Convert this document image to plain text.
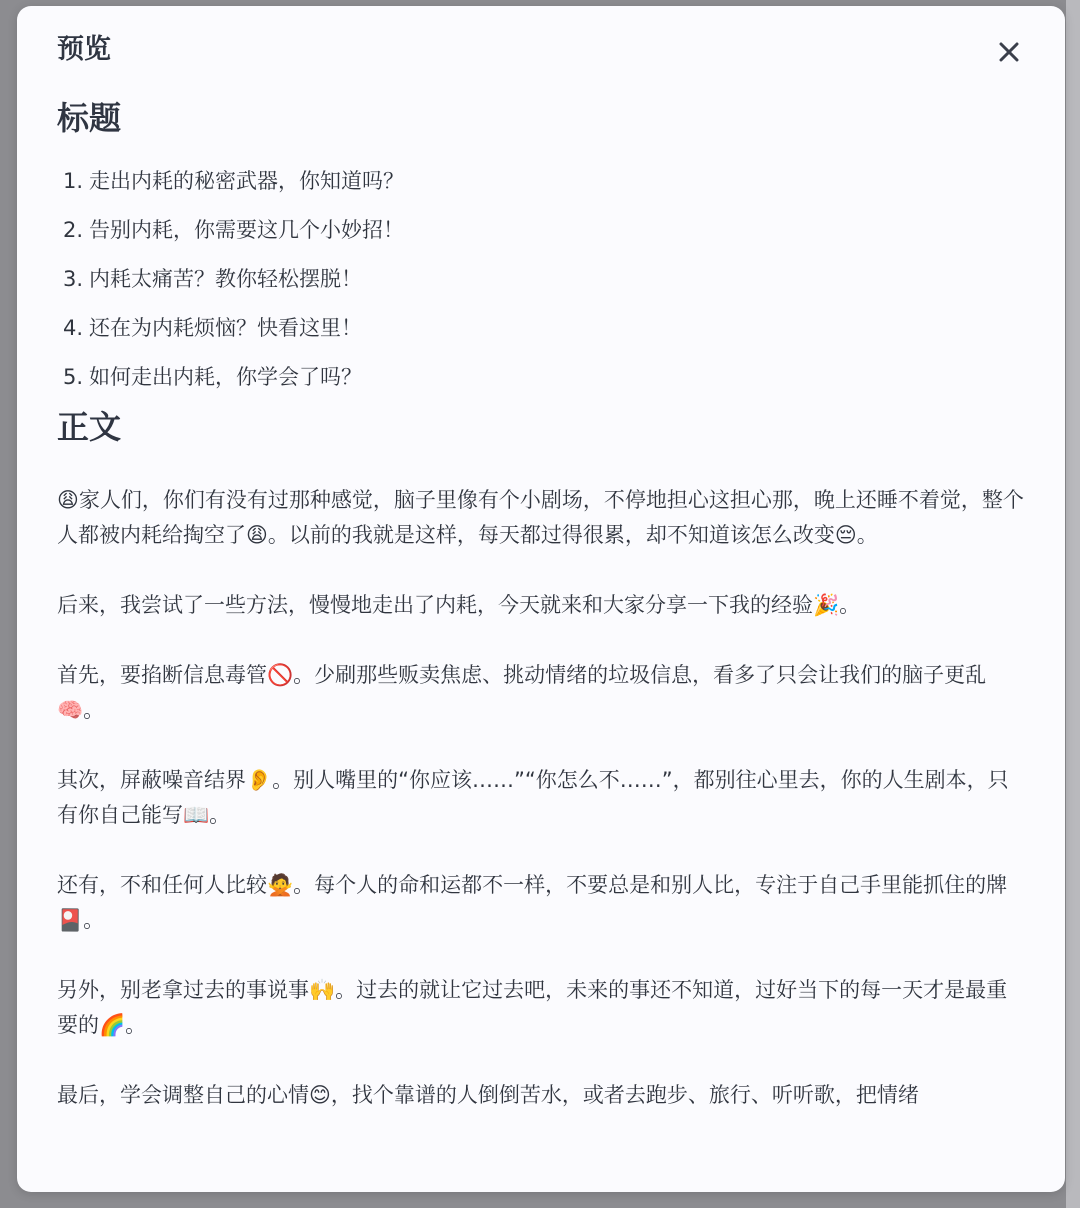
预览
标题
1. 走出内耗的秘密武器，你知道吗？
2. 告别内耗，你需要这几个小妙招！
3. 内耗太痛苦？教你轻松摆脱！
4. 还在为内耗烦恼？快看这里！
5. 如何走出内耗，你学会了吗？
正文

😩家人们，你们有没有过那种感觉，脑子里像有个小剧场，不停地担心这担心那，晚上还睡不着觉，整个人都被内耗给掏空了😩。以前的我就是这样，每天都过得很累，却不知道该怎么改变😔。

后来，我尝试了一些方法，慢慢地走出了内耗，今天就来和大家分享一下我的经验🎉。

首先，要掐断信息毒管🚫。少刷那些贩卖焦虑、挑动情绪的垃圾信息，看多了只会让我们的脑子更乱🧠。

其次，屏蔽噪音结界👂。别人嘴里的“你应该……”“你怎么不……”，都别往心里去，你的人生剧本，只有你自己能写📖。

还有，不和任何人比较🙅。每个人的命和运都不一样，不要总是和别人比，专注于自己手里能抓住的牌🎴。

另外，别老拿过去的事说事🙌。过去的就让它过去吧，未来的事还不知道，过好当下的每一天才是最重要的🌈。

最后，学会调整自己的心情😊，找个靠谱的人倒倒苦水，或者去跑步、旅行、听听歌，把情绪
